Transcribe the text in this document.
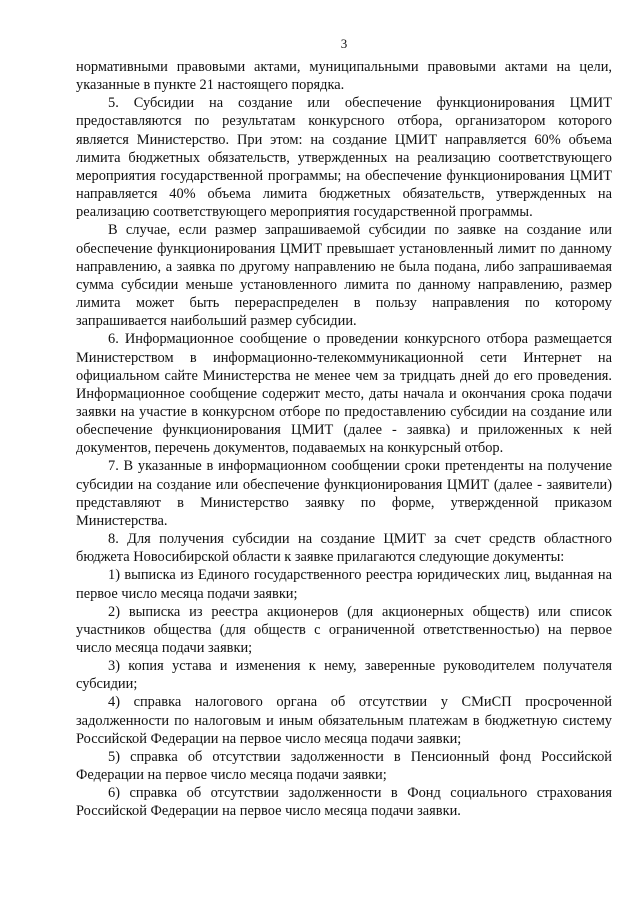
3

нормативными правовыми актами, муниципальными правовыми актами на цели, указанные в пункте 21 настоящего порядка.

5. Субсидии на создание или обеспечение функционирования ЦМИТ предоставляются по результатам конкурсного отбора, организатором которого является Министерство. При этом: на создание ЦМИТ направляется 60% объема лимита бюджетных обязательств, утвержденных на реализацию соответствующего мероприятия государственной программы; на обеспечение функционирования ЦМИТ направляется 40% объема лимита бюджетных обязательств, утвержденных на реализацию соответствующего мероприятия государственной программы.

В случае, если размер запрашиваемой субсидии по заявке на создание или обеспечение функционирования ЦМИТ превышает установленный лимит по данному направлению, а заявка по другому направлению не была подана, либо запрашиваемая сумма субсидии меньше установленного лимита по данному направлению, размер лимита может быть перераспределен в пользу направления по которому запрашивается наибольший размер субсидии.

6. Информационное сообщение о проведении конкурсного отбора размещается Министерством в информационно-телекоммуникационной сети Интернет на официальном сайте Министерства не менее чем за тридцать дней до его проведения. Информационное сообщение содержит место, даты начала и окончания срока подачи заявки на участие в конкурсном отборе по предоставлению субсидии на создание или обеспечение функционирования ЦМИТ (далее - заявка) и приложенных к ней документов, перечень документов, подаваемых на конкурсный отбор.

7. В указанные в информационном сообщении сроки претенденты на получение субсидии на создание или обеспечение функционирования ЦМИТ (далее - заявители) представляют в Министерство заявку по форме, утвержденной приказом Министерства.

8. Для получения субсидии на создание ЦМИТ за счет средств областного бюджета Новосибирской области к заявке прилагаются следующие документы:

1) выписка из Единого государственного реестра юридических лиц, выданная на первое число месяца подачи заявки;

2) выписка из реестра акционеров (для акционерных обществ) или список участников общества (для обществ с ограниченной ответственностью) на первое число месяца подачи заявки;

3) копия устава и изменения к нему, заверенные руководителем получателя субсидии;

4) справка налогового органа об отсутствии у СМиСП просроченной задолженности по налоговым и иным обязательным платежам в бюджетную систему Российской Федерации на первое число месяца подачи заявки;

5) справка об отсутствии задолженности в Пенсионный фонд Российской Федерации на первое число месяца подачи заявки;

6) справка об отсутствии задолженности в Фонд социального страхования Российской Федерации на первое число месяца подачи заявки.
